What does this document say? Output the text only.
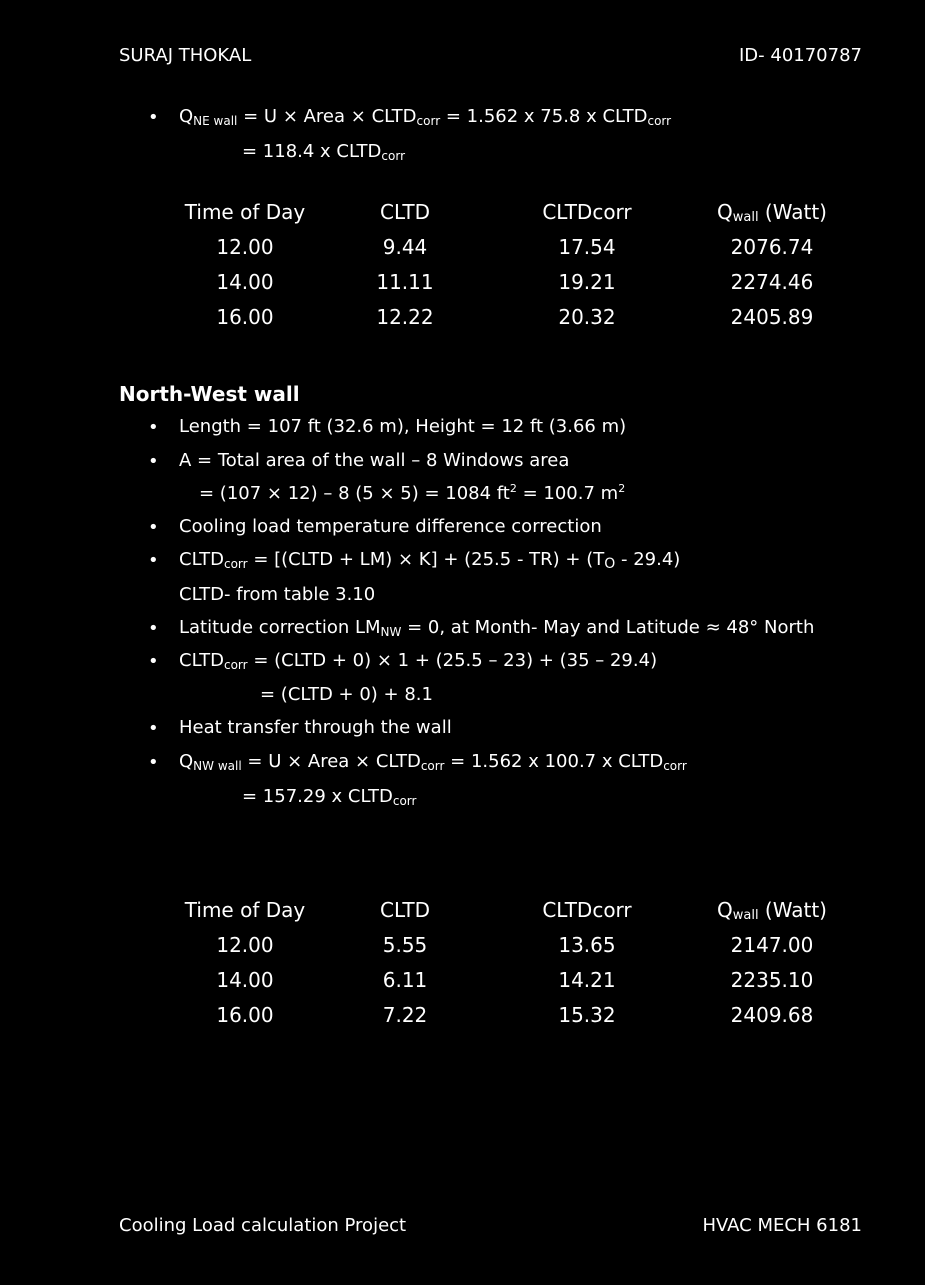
SURAJ THOKAL	ID- 40170787
• $Q_{NE wall} = U$ × Area × $CLTD_{corr} = 1.562$ x 75.8 x $CLTD_{corr}$
= 118.4 x $CLTD_{corr}$
Time of Day	CLTD	CLTDcorr	Qwall (Watt)
12.00	9.44	17.54	2076.74
14.00	11.11	19.21	2274.46
16.00	12.22	20.32	2405.89
North-West wall
• Length = 107 ft (32.6 m), Height = 12 ft (3.66 m)
• A = Total area of the wall – 8 Windows area
= (107 × 12) – 8 (5 × 5) = 1084 $ft^2 = 100.7$ $m^2$
• Cooling load temperature difference correction
• $CLTD_{corr}$ = [(CLTD + $LM) \times K] + (25.5 - TR) + (T_O - 29.4)$
CLTD- from table 3.10
• Latitude correction $LM_{NW} = 0$, at Month- May and Latitude ≈ 48° North
• $CLTD_{corr}$ = (CLTD + 0) × 1 + (25.5 – 23) + (35 – 29.4)
= (CLTD + 0) + 8.1
• Heat transfer through the wall
• $Q_{NW wall} = U$ × Area × $CLTD_{corr} = 1.562$ x 100.7 x $CLTD_{corr}$
= 157.29 x $CLTD_{corr}$
Time of Day	CLTD	CLTDcorr	Qwall (Watt)
12.00	5.55	13.65	2147.00
14.00	6.11	14.21	2235.10
16.00	7.22	15.32	2409.68
Cooling Load calculation Project	HVAC MECH 6181
